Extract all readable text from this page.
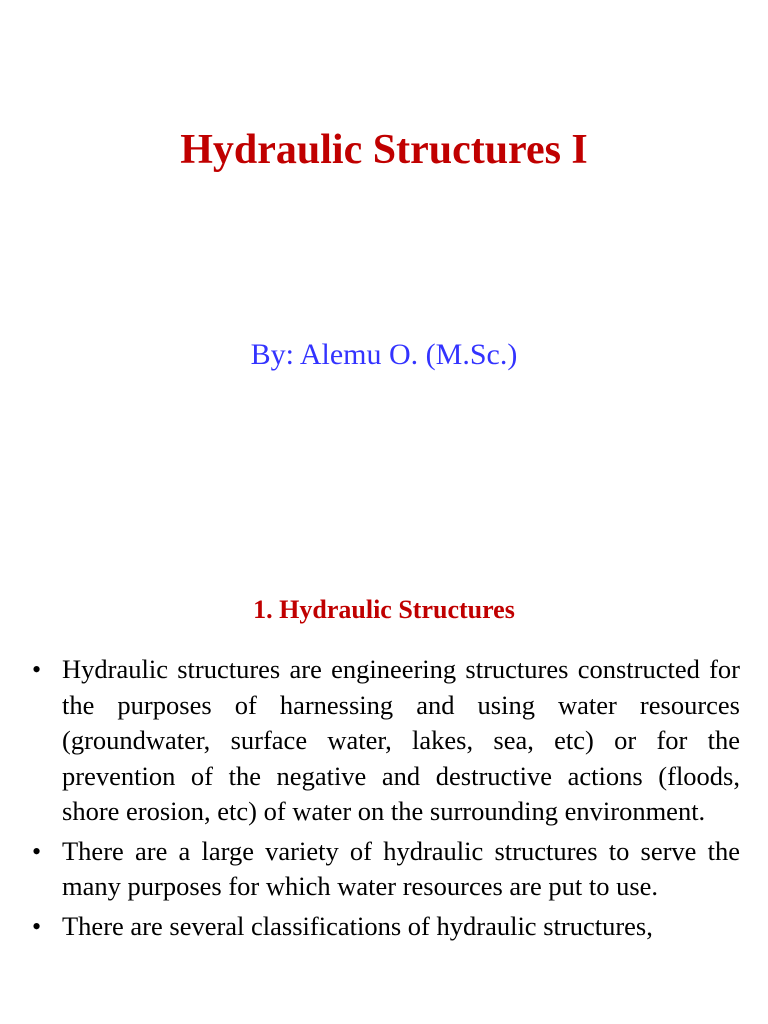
Hydraulic Structures I

By: Alemu O. (M.Sc.)

1. Hydraulic Structures
• Hydraulic structures are engineering structures constructed for the purposes of harnessing and using water resources (groundwater, surface water, lakes, sea, etc) or for the prevention of the negative and destructive actions (floods, shore erosion, etc) of water on the surrounding environment.
• There are a large variety of hydraulic structures to serve the many purposes for which water resources are put to use.
• There are several classifications of hydraulic structures,
